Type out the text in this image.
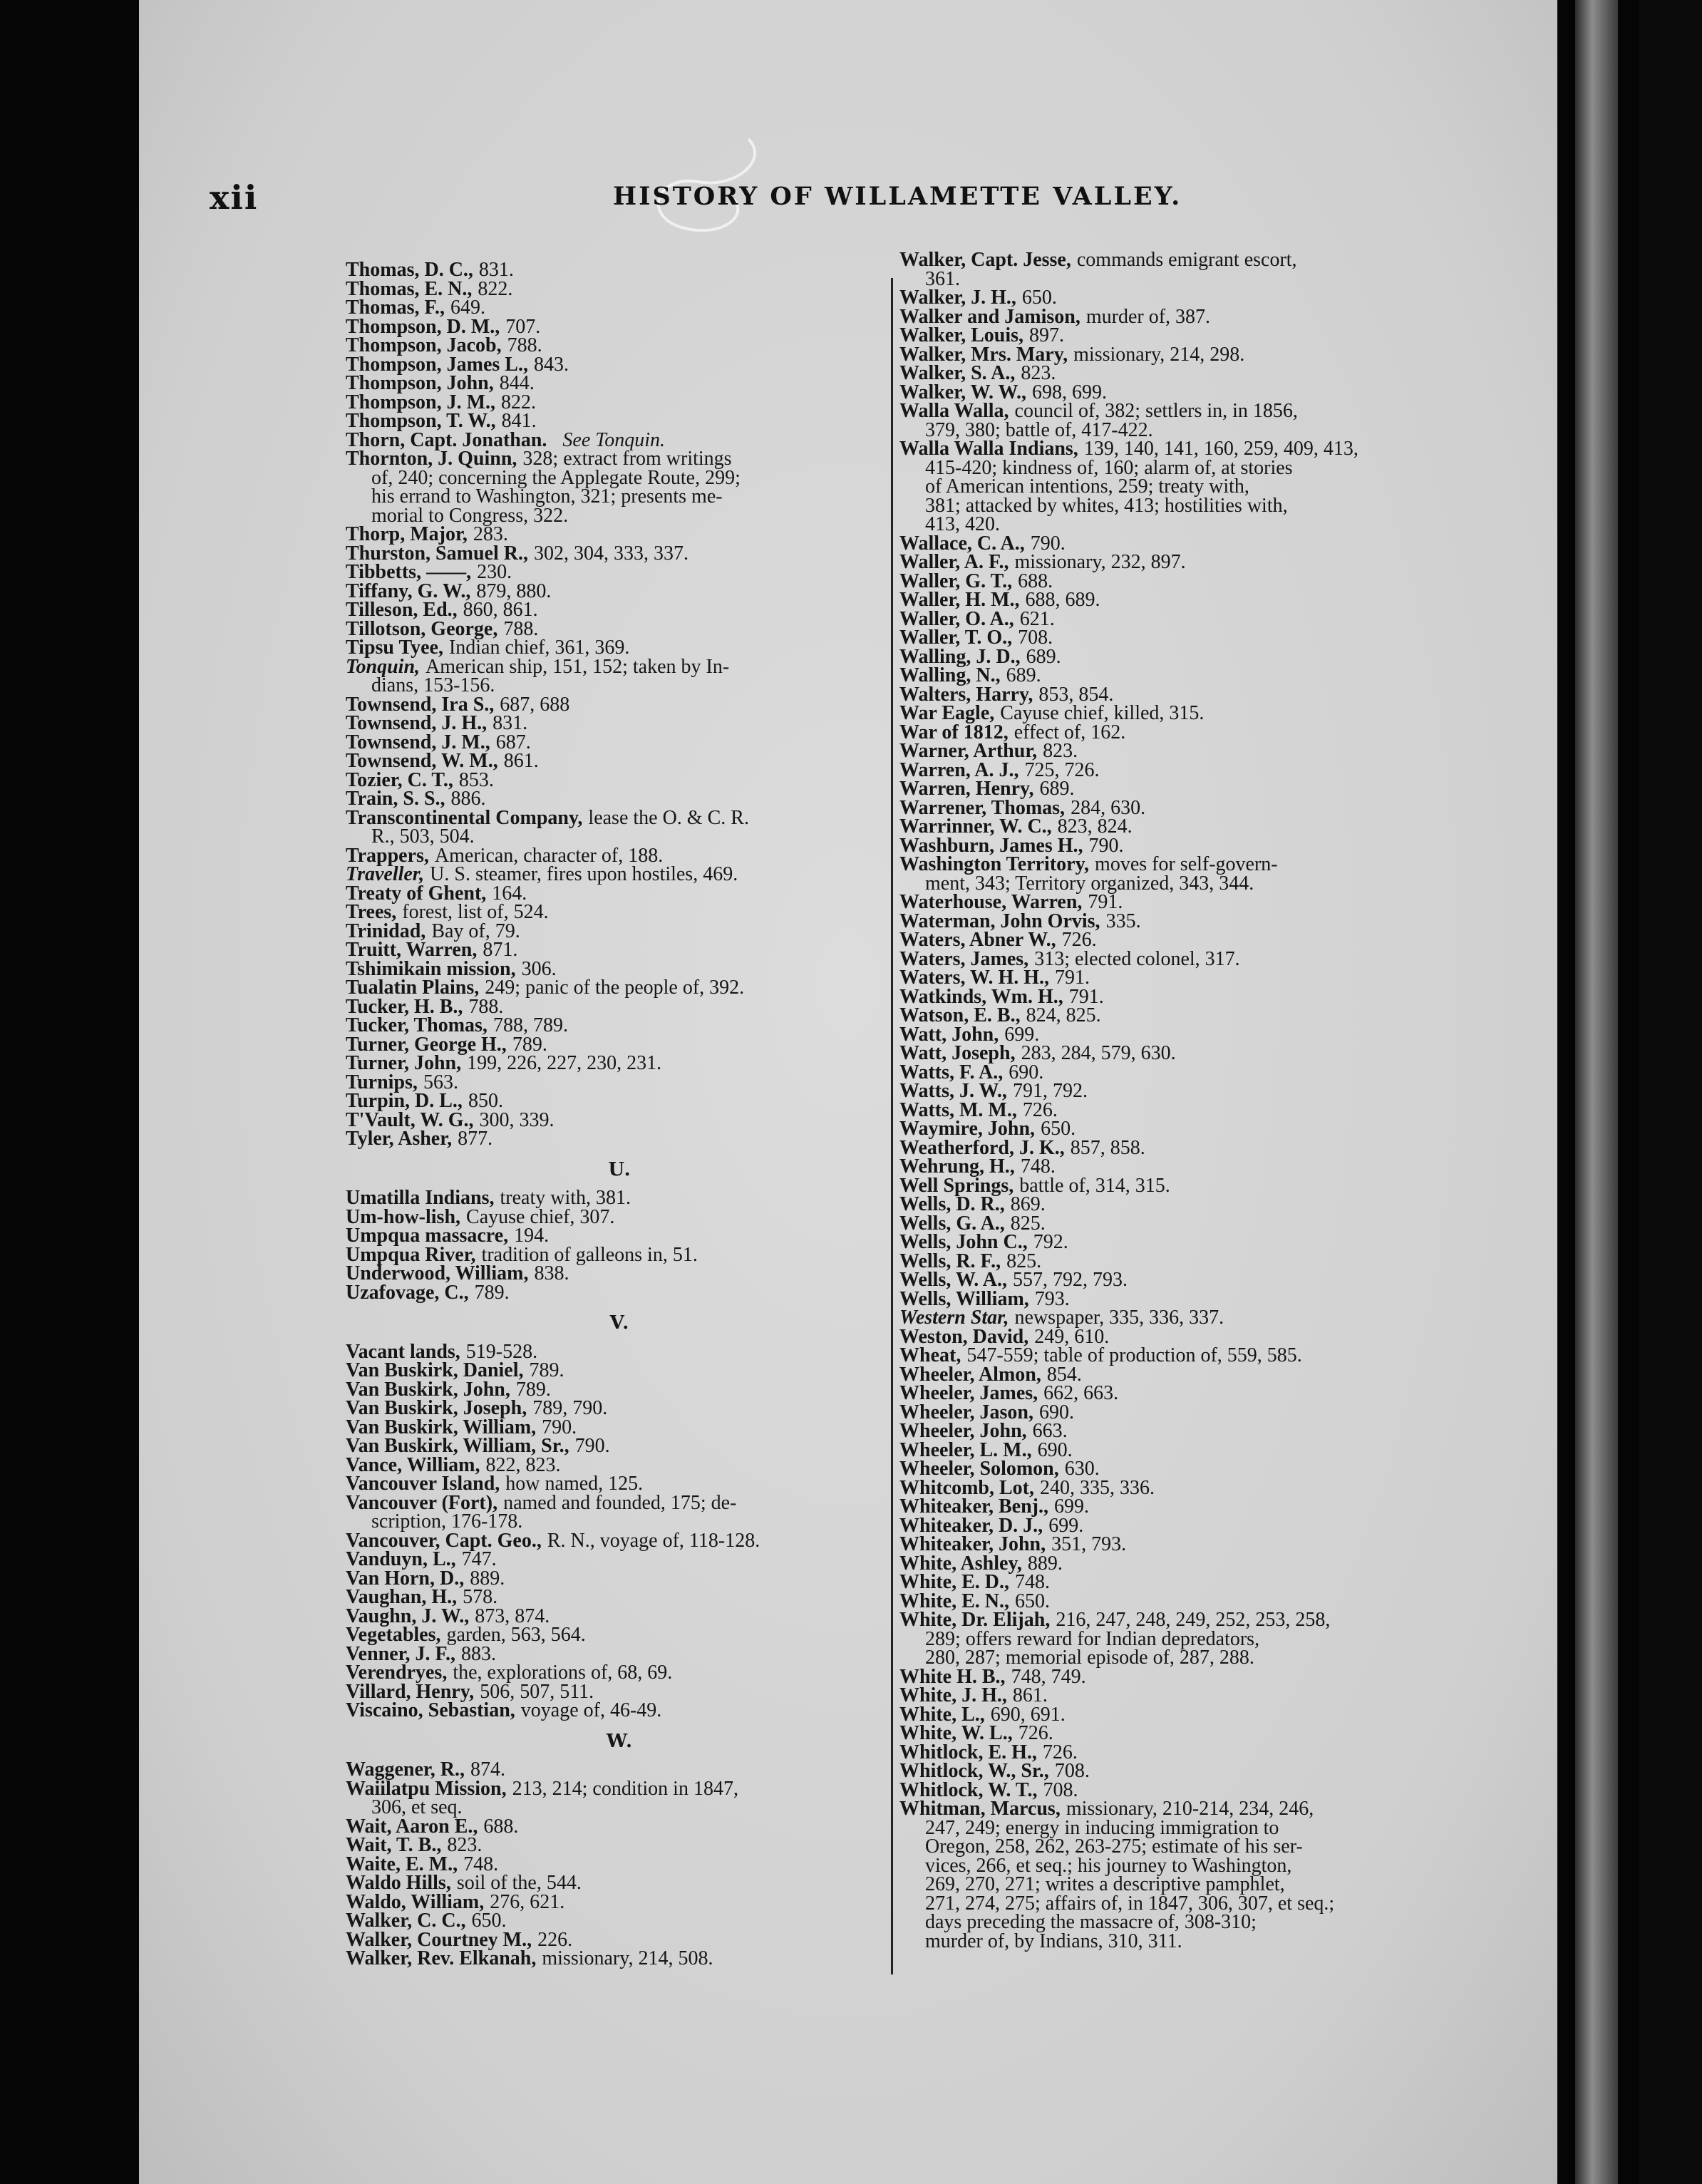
xii	HISTORY OF WILLAMETTE VALLEY.
Thomas, D. C., 831.
Thomas, E. N., 822.
Thomas, F., 649.
Thompson, D. M., 707.
Thompson, Jacob, 788.
Thompson, James L., 843.
Thompson, John, 844.
Thompson, J. M., 822.
Thompson, T. W., 841.
Thorn, Capt. Jonathan. See Tonquin.
Thornton, J. Quinn, 328; extract from writings
of, 240; concerning the Applegate Route, 299;
his errand to Washington, 321; presents me-
morial to Congress, 322.
Thorp, Major, 283.
Thurston, Samuel R., 302, 304, 333, 337.
Tibbetts, ——, 230.
Tiffany, G. W., 879, 880.
Tilleson, Ed., 860, 861.
Tillotson, George, 788.
Tipsu Tyee, Indian chief, 361, 369.
Tonquin, American ship, 151, 152; taken by In-
dians, 153-156.
Townsend, Ira S., 687, 688
Townsend, J. H., 831.
Townsend, J. M., 687.
Townsend, W. M., 861.
Tozier, C. T., 853.
Train, S. S., 886.
Transcontinental Company, lease the O. & C. R.
R., 503, 504.
Trappers, American, character of, 188.
Traveller, U. S. steamer, fires upon hostiles, 469.
Treaty of Ghent, 164.
Trees, forest, list of, 524.
Trinidad, Bay of, 79.
Truitt, Warren, 871.
Tshimikain mission, 306.
Tualatin Plains, 249; panic of the people of, 392.
Tucker, H. B., 788.
Tucker, Thomas, 788, 789.
Turner, George H., 789.
Turner, John, 199, 226, 227, 230, 231.
Turnips, 563.
Turpin, D. L., 850.
T'Vault, W. G., 300, 339.
Tyler, Asher, 877.
U.
Umatilla Indians, treaty with, 381.
Um-how-lish, Cayuse chief, 307.
Umpqua massacre, 194.
Umpqua River, tradition of galleons in, 51.
Underwood, William, 838.
Uzafovage, C., 789.
V.
Vacant lands, 519-528.
Van Buskirk, Daniel, 789.
Van Buskirk, John, 789.
Van Buskirk, Joseph, 789, 790.
Van Buskirk, William, 790.
Van Buskirk, William, Sr., 790.
Vance, William, 822, 823.
Vancouver Island, how named, 125.
Vancouver (Fort), named and founded, 175; de-
scription, 176-178.
Vancouver, Capt. Geo., R. N., voyage of, 118-128.
Vanduyn, L., 747.
Van Horn, D., 889.
Vaughan, H., 578.
Vaughn, J. W., 873, 874.
Vegetables, garden, 563, 564.
Venner, J. F., 883.
Verendryes, the, explorations of, 68, 69.
Villard, Henry, 506, 507, 511.
Viscaino, Sebastian, voyage of, 46-49.
W.
Waggener, R., 874.
Waiilatpu Mission, 213, 214; condition in 1847,
306, et seq.
Wait, Aaron E., 688.
Wait, T. B., 823.
Waite, E. M., 748.
Waldo Hills, soil of the, 544.
Waldo, William, 276, 621.
Walker, C. C., 650.
Walker, Courtney M., 226.
Walker, Rev. Elkanah, missionary, 214, 508.
Walker, Capt. Jesse, commands emigrant escort,
361.
Walker, J. H., 650.
Walker and Jamison, murder of, 387.
Walker, Louis, 897.
Walker, Mrs. Mary, missionary, 214, 298.
Walker, S. A., 823.
Walker, W. W., 698, 699.
Walla Walla, council of, 382; settlers in, in 1856,
379, 380; battle of, 417-422.
Walla Walla Indians, 139, 140, 141, 160, 259, 409, 413,
415-420; kindness of, 160; alarm of, at stories
of American intentions, 259; treaty with,
381; attacked by whites, 413; hostilities with,
413, 420.
Wallace, C. A., 790.
Waller, A. F., missionary, 232, 897.
Waller, G. T., 688.
Waller, H. M., 688, 689.
Waller, O. A., 621.
Waller, T. O., 708.
Walling, J. D., 689.
Walling, N., 689.
Walters, Harry, 853, 854.
War Eagle, Cayuse chief, killed, 315.
War of 1812, effect of, 162.
Warner, Arthur, 823.
Warren, A. J., 725, 726.
Warren, Henry, 689.
Warrener, Thomas, 284, 630.
Warrinner, W. C., 823, 824.
Washburn, James H., 790.
Washington Territory, moves for self-govern-
ment, 343; Territory organized, 343, 344.
Waterhouse, Warren, 791.
Waterman, John Orvis, 335.
Waters, Abner W., 726.
Waters, James, 313; elected colonel, 317.
Waters, W. H. H., 791.
Watkinds, Wm. H., 791.
Watson, E. B., 824, 825.
Watt, John, 699.
Watt, Joseph, 283, 284, 579, 630.
Watts, F. A., 690.
Watts, J. W., 791, 792.
Watts, M. M., 726.
Waymire, John, 650.
Weatherford, J. K., 857, 858.
Wehrung, H., 748.
Well Springs, battle of, 314, 315.
Wells, D. R., 869.
Wells, G. A., 825.
Wells, John C., 792.
Wells, R. F., 825.
Wells, W. A., 557, 792, 793.
Wells, William, 793.
Western Star, newspaper, 335, 336, 337.
Weston, David, 249, 610.
Wheat, 547-559; table of production of, 559, 585.
Wheeler, Almon, 854.
Wheeler, James, 662, 663.
Wheeler, Jason, 690.
Wheeler, John, 663.
Wheeler, L. M., 690.
Wheeler, Solomon, 630.
Whitcomb, Lot, 240, 335, 336.
Whiteaker, Benj., 699.
Whiteaker, D. J., 699.
Whiteaker, John, 351, 793.
White, Ashley, 889.
White, E. D., 748.
White, E. N., 650.
White, Dr. Elijah, 216, 247, 248, 249, 252, 253, 258,
289; offers reward for Indian depredators,
280, 287; memorial episode of, 287, 288.
White H. B., 748, 749.
White, J. H., 861.
White, L., 690, 691.
White, W. L., 726.
Whitlock, E. H., 726.
Whitlock, W., Sr., 708.
Whitlock, W. T., 708.
Whitman, Marcus, missionary, 210-214, 234, 246,
247, 249; energy in inducing immigration to
Oregon, 258, 262, 263-275; estimate of his ser-
vices, 266, et seq.; his journey to Washington,
269, 270, 271; writes a descriptive pamphlet,
271, 274, 275; affairs of, in 1847, 306, 307, et seq.;
days preceding the massacre of, 308-310;
murder of, by Indians, 310, 311.
